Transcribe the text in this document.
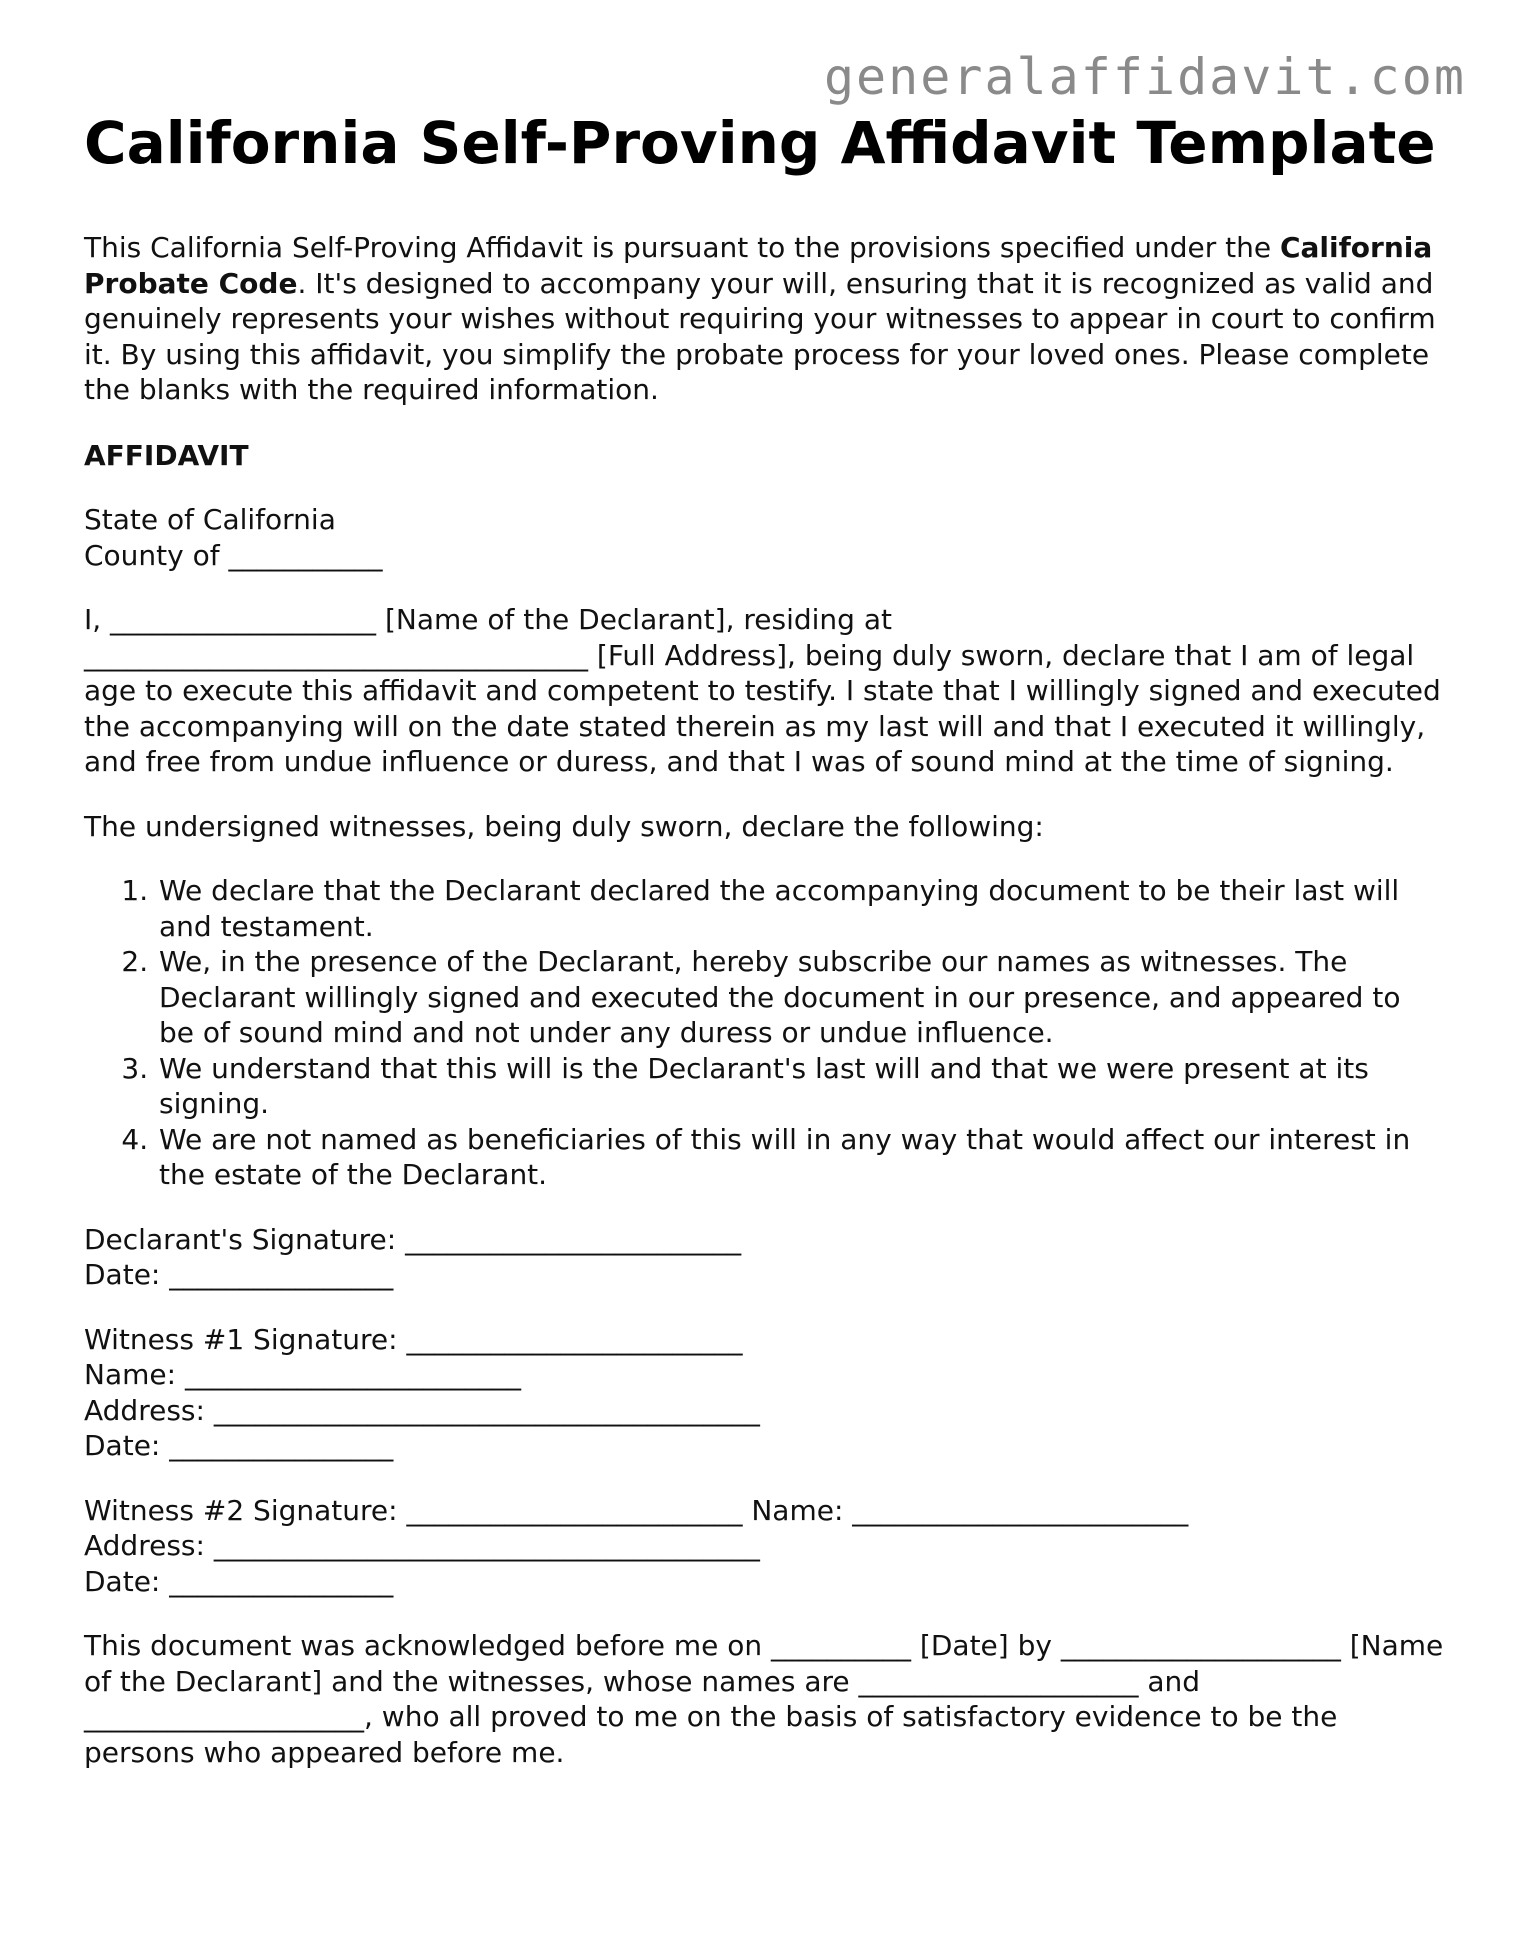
generalaffidavit.com
California Self-Proving Affidavit Template
This California Self-Proving Affidavit is pursuant to the provisions specified under the California Probate Code. It's designed to accompany your will, ensuring that it is recognized as valid and genuinely represents your wishes without requiring your witnesses to appear in court to confirm it. By using this affidavit, you simplify the probate process for your loved ones. Please complete the blanks with the required information.
AFFIDAVIT
State of California
County of ___________
I, ___________________ [Name of the Declarant], residing at
____________________________________ [Full Address], being duly sworn, declare that I am of legal age to execute this affidavit and competent to testify. I state that I willingly signed and executed the accompanying will on the date stated therein as my last will and that I executed it willingly, and free from undue influence or duress, and that I was of sound mind at the time of signing.
The undersigned witnesses, being duly sworn, declare the following:
1. We declare that the Declarant declared the accompanying document to be their last will and testament.
2. We, in the presence of the Declarant, hereby subscribe our names as witnesses. The Declarant willingly signed and executed the document in our presence, and appeared to be of sound mind and not under any duress or undue influence.
3. We understand that this will is the Declarant's last will and that we were present at its signing.
4. We are not named as beneficiaries of this will in any way that would affect our interest in the estate of the Declarant.
Declarant's Signature: ________________________
Date: ________________
Witness #1 Signature: ________________________
Name: ________________________
Address: _______________________________________
Date: ________________
Witness #2 Signature: ________________________ Name: ________________________
Address: _______________________________________
Date: ________________
This document was acknowledged before me on __________ [Date] by ____________________ [Name of the Declarant] and the witnesses, whose names are ____________________ and ____________________, who all proved to me on the basis of satisfactory evidence to be the persons who appeared before me.
